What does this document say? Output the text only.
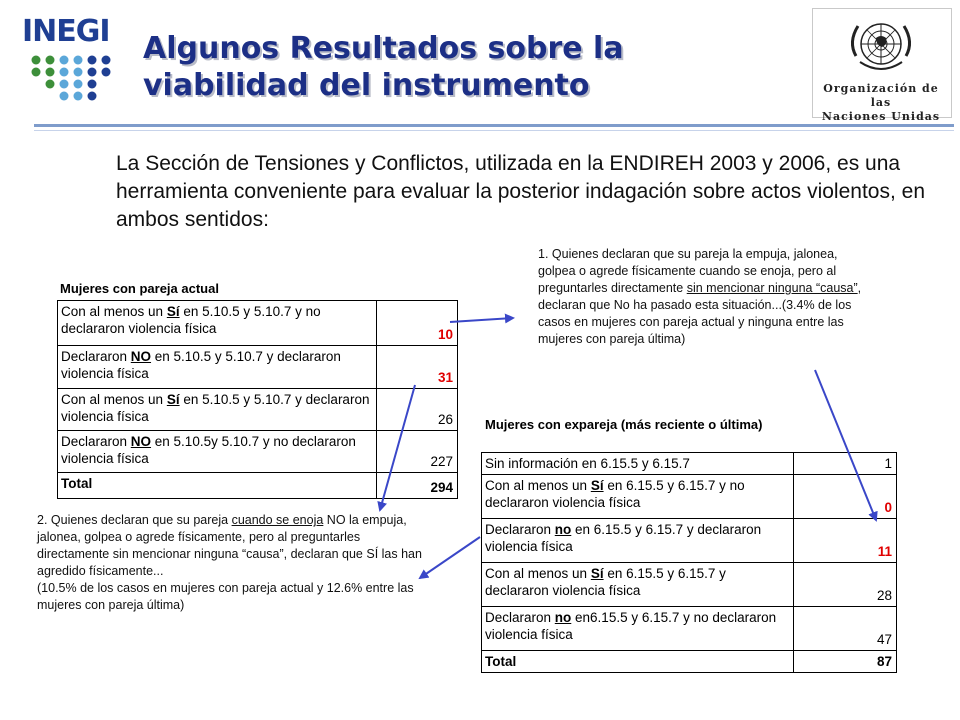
INEGI Algunos Resultados sobre la
viabilidad del instrumento	Organización de las
Naciones Unidas
La Sección de Tensiones y Conflictos, utilizada en la ENDIREH 2003 y 2006, es una herramienta conveniente para evaluar la posterior indagación sobre actos violentos, en ambos sentidos:
1. Quienes declaran que su pareja la empuja, jalonea, golpea o agrede físicamente cuando se enoja, pero al preguntarles directamente sin mencionar ninguna “causa”, declaran que No ha pasado esta situación...(3.4% de los casos en mujeres con pareja actual y ninguna entre las mujeres con pareja última)
Mujeres con pareja actual
Con al menos un Sí en 5.10.5 y 5.10.7 y no declararon violencia física	10
Declararon NO en 5.10.5 y 5.10.7 y declararon violencia física	31
Con al menos un Sí en 5.10.5 y 5.10.7 y declararon violencia física	26
Declararon NO en 5.10.5y 5.10.7 y no declararon violencia física	227
Total	294
2. Quienes declaran que su pareja cuando se enoja NO la empuja, jalonea, golpea o agrede físicamente, pero al preguntarles directamente sin mencionar ninguna “causa”, declaran que SÍ las han agredido físicamente...
(10.5% de los casos en mujeres con pareja actual y 12.6% entre las mujeres con pareja última)
Mujeres con expareja (más reciente o última)
Sin información en 6.15.5 y 6.15.7	1
Con al menos un Sí en 6.15.5 y 6.15.7 y no declararon violencia física	0
Declararon no en 6.15.5 y 6.15.7 y declararon violencia física	11
Con al menos un Sí en 6.15.5 y 6.15.7 y declararon violencia física	28
Declararon no en6.15.5 y 6.15.7 y no declararon violencia física	47
Total	87
